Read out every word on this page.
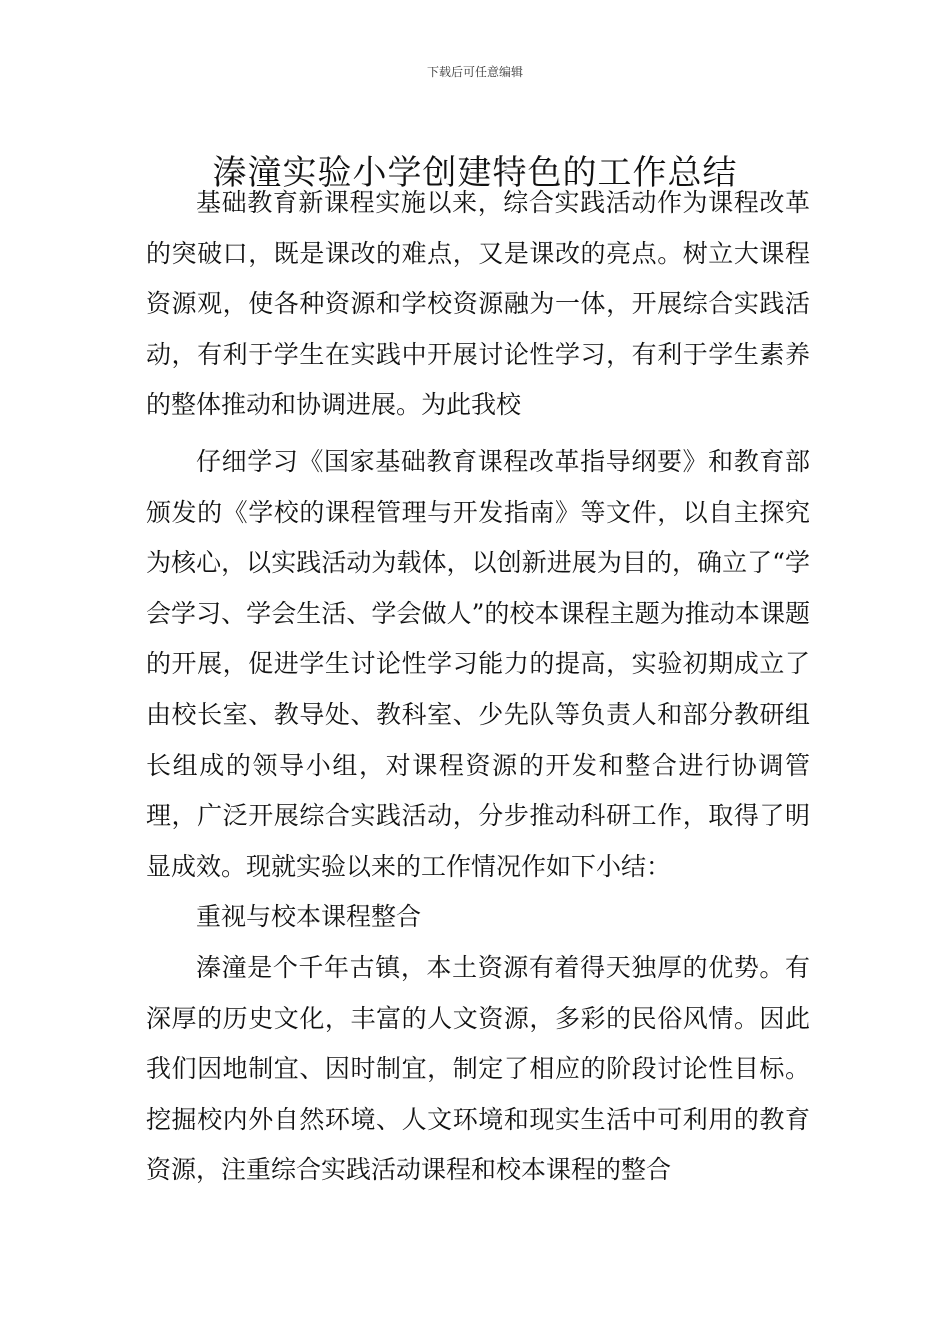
下载后可任意编辑
溱潼实验小学创建特色的工作总结

基础教育新课程实施以来，综合实践活动作为课程改革的突破口，既是课改的难点，又是课改的亮点。树立大课程资源观，使各种资源和学校资源融为一体，开展综合实践活动，有利于学生在实践中开展讨论性学习，有利于学生素养的整体推动和协调进展。为此我校

仔细学习《国家基础教育课程改革指导纲要》和教育部颁发的《学校的课程管理与开发指南》等文件，以自主探究为核心，以实践活动为载体，以创新进展为目的，确立了“学会学习、学会生活、学会做人”的校本课程主题为推动本课题的开展，促进学生讨论性学习能力的提高，实验初期成立了由校长室、教导处、教科室、少先队等负责人和部分教研组长组成的领导小组，对课程资源的开发和整合进行协调管理，广泛开展综合实践活动，分步推动科研工作，取得了明显成效。现就实验以来的工作情况作如下小结：

重视与校本课程整合

溱潼是个千年古镇，本土资源有着得天独厚的优势。有深厚的历史文化，丰富的人文资源，多彩的民俗风情。因此我们因地制宜、因时制宜，制定了相应的阶段讨论性目标。挖掘校内外自然环境、人文环境和现实生活中可利用的教育资源，注重综合实践活动课程和校本课程的整合
